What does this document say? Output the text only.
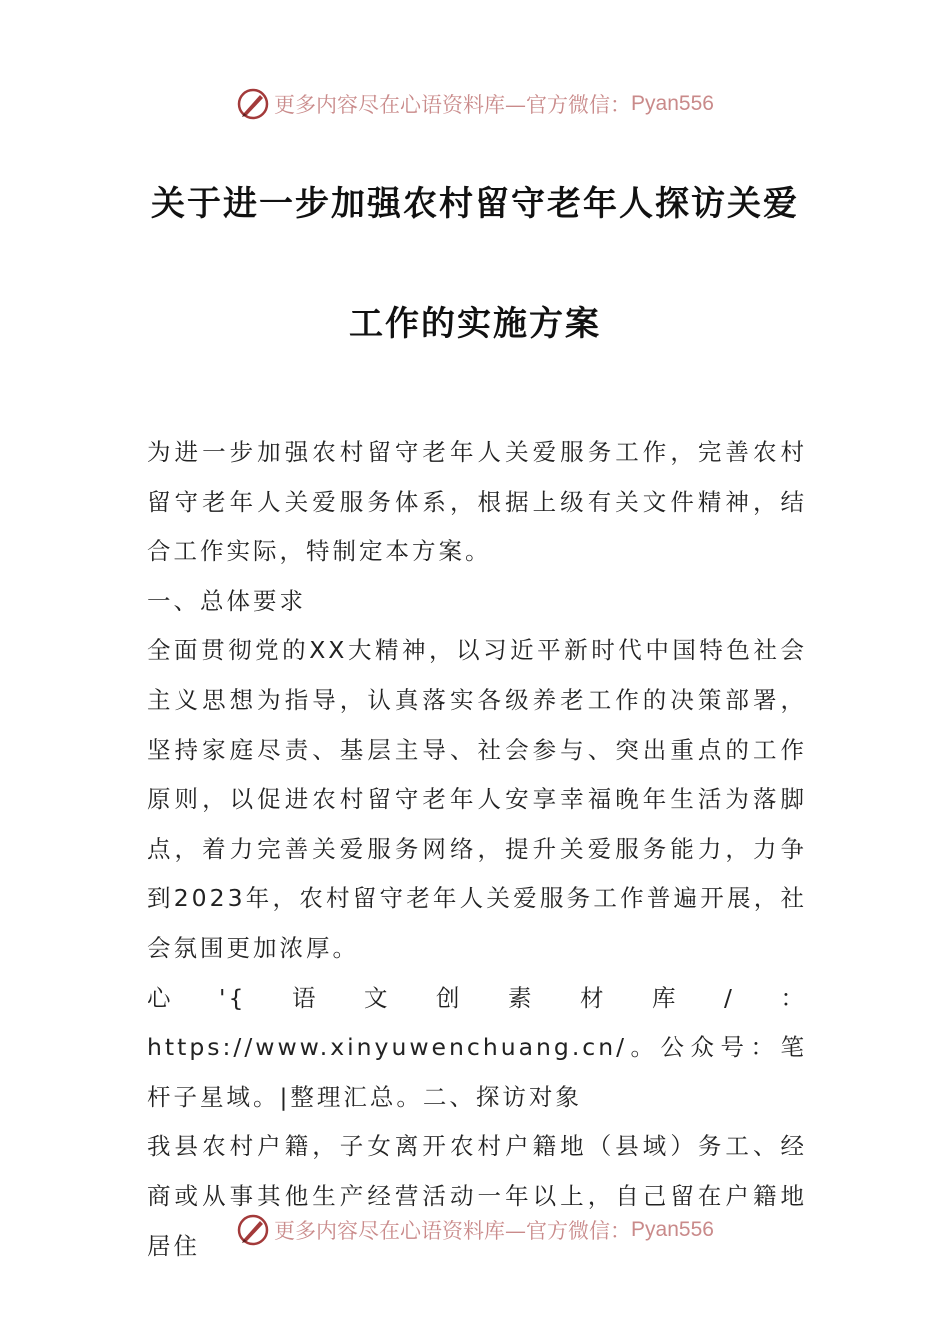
更多内容尽在心语资料库—官方微信： Pyan556
关于进一步加强农村留守老年人探访关爱
工作的实施方案

为进一步加强农村留守老年人关爱服务工作，完善农村留守老年人关爱服务体系，根据上级有关文件精神，结合工作实际，特制定本方案。

一、总体要求

全面贯彻党的XX大精神，以习近平新时代中国特色社会主义思想为指导，认真落实各级养老工作的决策部署，坚持家庭尽责、基层主导、社会参与、突出重点的工作原则，以促进农村留守老年人安享幸福晚年生活为落脚点，着力完善关爱服务网络，提升关爱服务能力，力争到2023年，农村留守老年人关爱服务工作普遍开展，社会氛围更加浓厚。

心'{语文创素材库/：https://www.xinyuwenchuang.cn/。公众号：笔杆子星域。|整理汇总。二、探访对象

我县农村户籍，子女离开农村户籍地（县域）务工、经商或从事其他生产经营活动一年以上，自己留在户籍地居住

更多内容尽在心语资料库—官方微信： Pyan556
